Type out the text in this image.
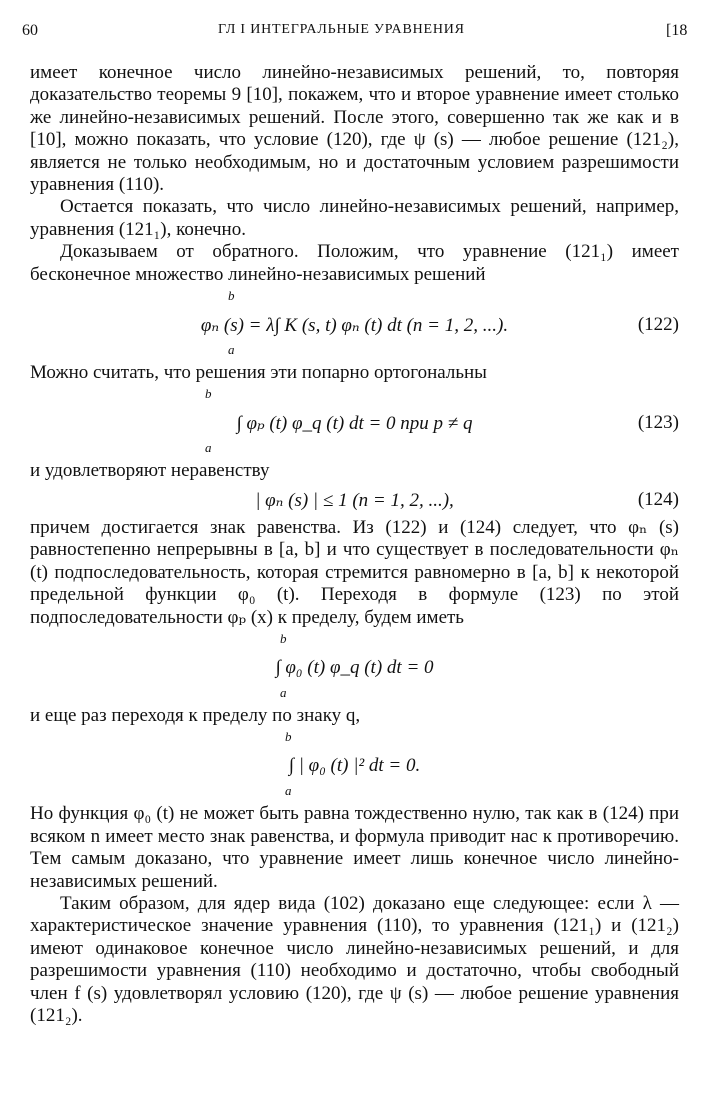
60	ГЛ I ИНТЕГРАЛЬНЫЕ УРАВНЕНИЯ	[18

имеет конечное число линейно-независимых решений, то, повторяя доказательство теоремы 9 [10], покажем, что и второе уравнение имеет столько же линейно-независимых решений. После этого, совершенно так же как и в [10], можно показать, что условие (120), где ψ (s) — любое решение (121₂), является не только необходимым, но и достаточным условием разрешимости уравнения (110).

Остается показать, что число линейно-независимых решений, например, уравнения (121₁), конечно.

Доказываем от обратного. Положим, что уравнение (121₁) имеет бесконечное множество линейно-независимых решений

b
a
φₙ (s) = λ∫ K (s, t) φₙ (t) dt (n = 1, 2, ...).	(122)

Можно считать, что решения эти попарно ортогональны

b
a
∫ φₚ (t) φ_q (t) dt = 0 при p ≠ q	(123)

и удовлетворяют неравенству

| φₙ (s) | ≤ 1 (n = 1, 2, ...),	(124)

причем достигается знак равенства. Из (122) и (124) следует, что φₙ (s) равностепенно непрерывны в [a, b] и что существует в последовательности φₙ (t) подпоследовательность, которая стремится равномерно в [a, b] к некоторой предельной функции φ₀ (t). Переходя в формуле (123) по этой подпоследовательности φₚ (x) к пределу, будем иметь

b
a
∫ φ₀ (t) φ_q (t) dt = 0

и еще раз переходя к пределу по знаку q,

b
a
∫ | φ₀ (t) |² dt = 0.

Но функция φ₀ (t) не может быть равна тождественно нулю, так как в (124) при всяком n имеет место знак равенства, и формула приводит нас к противоречию. Тем самым доказано, что уравнение имеет лишь конечное число линейно-независимых решений.

Таким образом, для ядер вида (102) доказано еще следующее: если λ — характеристическое значение уравнения (110), то уравнения (121₁) и (121₂) имеют одинаковое конечное число линейно-независимых решений, и для разрешимости уравнения (110) необходимо и достаточно, чтобы свободный член f (s) удовлетворял условию (120), где ψ (s) — любое решение уравнения (121₂).
